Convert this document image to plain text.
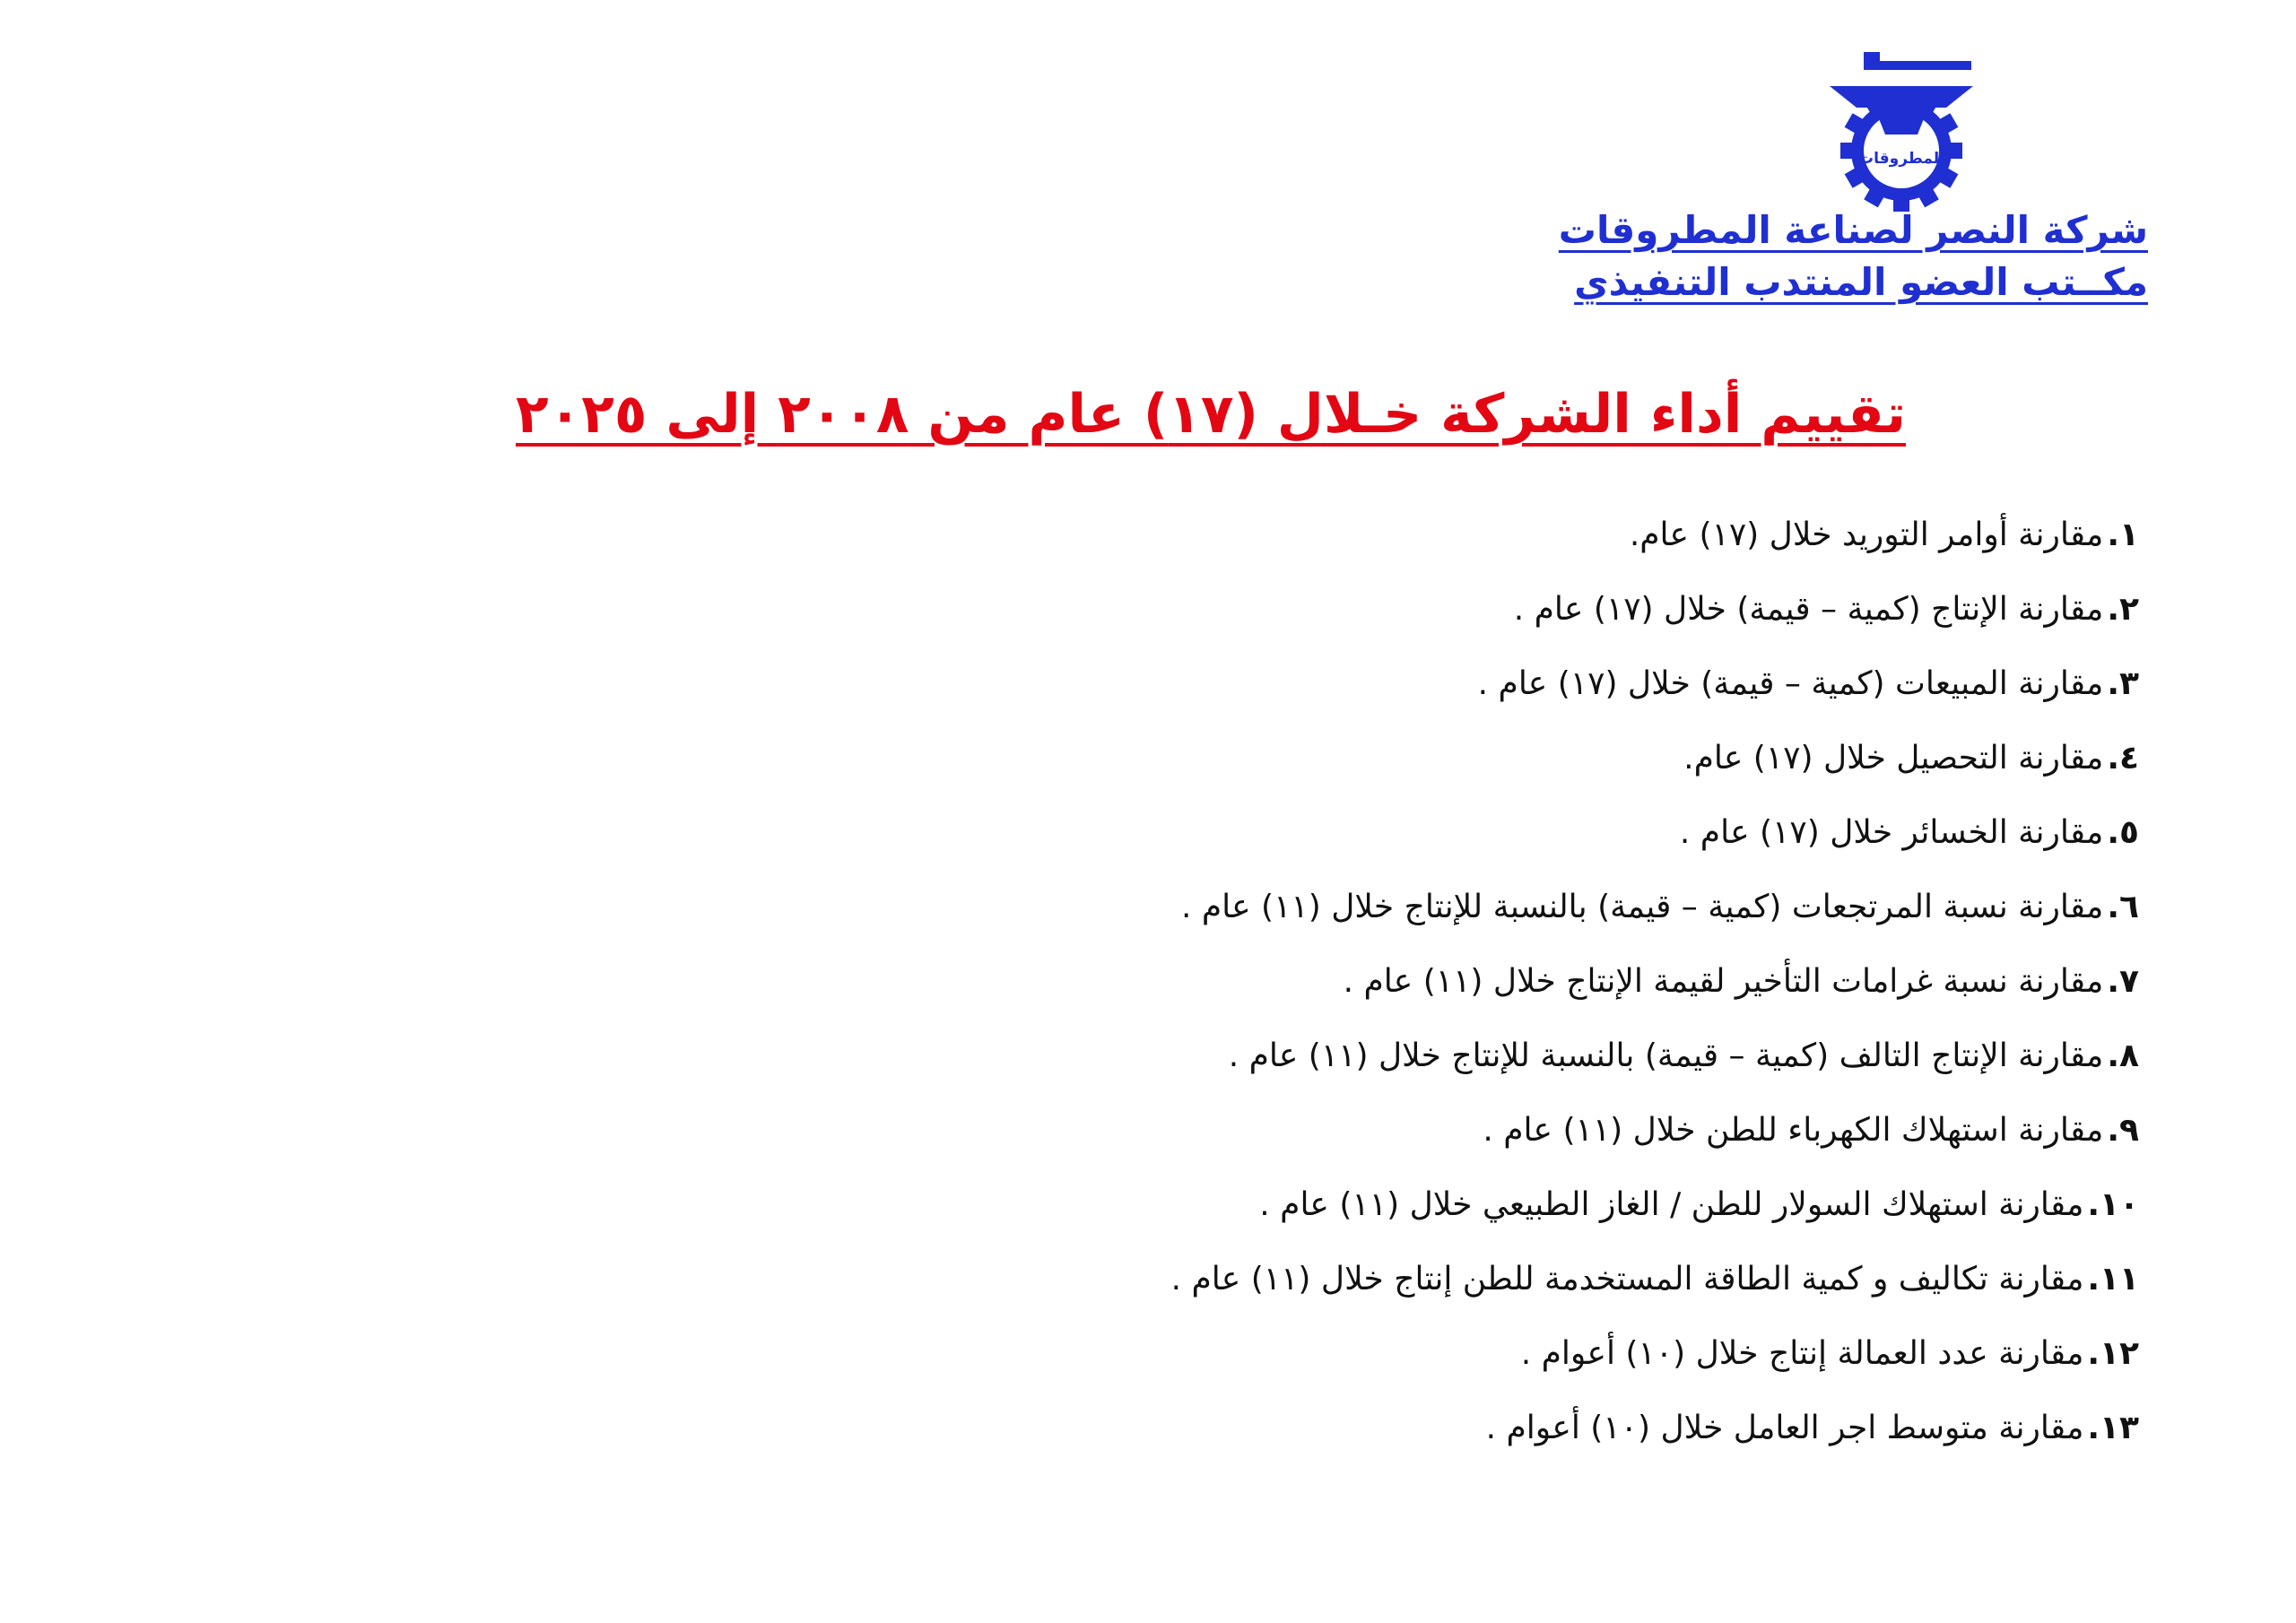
المطروقات
شركة النصر لصناعة المطروقات
مكــتب العضو المنتدب التنفيذي
تقييم أداء الشركة خـلال (١٧) عام من ٢٠٠٨ إلى ٢٠٢٥
١.
مقارنة أوامر التوريد خلال (١٧) عام.
٢.
مقارنة الإنتاج (كمية – قيمة) خلال (١٧) عام .
٣.
مقارنة المبيعات (كمية – قيمة) خلال (١٧) عام .
٤.
مقارنة التحصيل خلال (١٧) عام.
٥.
مقارنة الخسائر خلال (١٧) عام .
٦.
مقارنة نسبة المرتجعات (كمية – قيمة) بالنسبة للإنتاج خلال (١١) عام .
٧.
مقارنة نسبة غرامات التأخير لقيمة الإنتاج خلال (١١) عام .
٨.
مقارنة الإنتاج التالف (كمية – قيمة) بالنسبة للإنتاج خلال (١١) عام .
٩.
مقارنة استهلاك الكهرباء للطن خلال (١١) عام .
١٠.
مقارنة استهلاك السولار للطن / الغاز الطبيعي خلال (١١) عام .
١١.
مقارنة تكاليف و كمية الطاقة المستخدمة للطن إنتاج خلال (١١) عام .
١٢.
مقارنة عدد العمالة إنتاج خلال (١٠) أعوام .
١٣.
مقارنة متوسط اجر العامل خلال (١٠) أعوام .
